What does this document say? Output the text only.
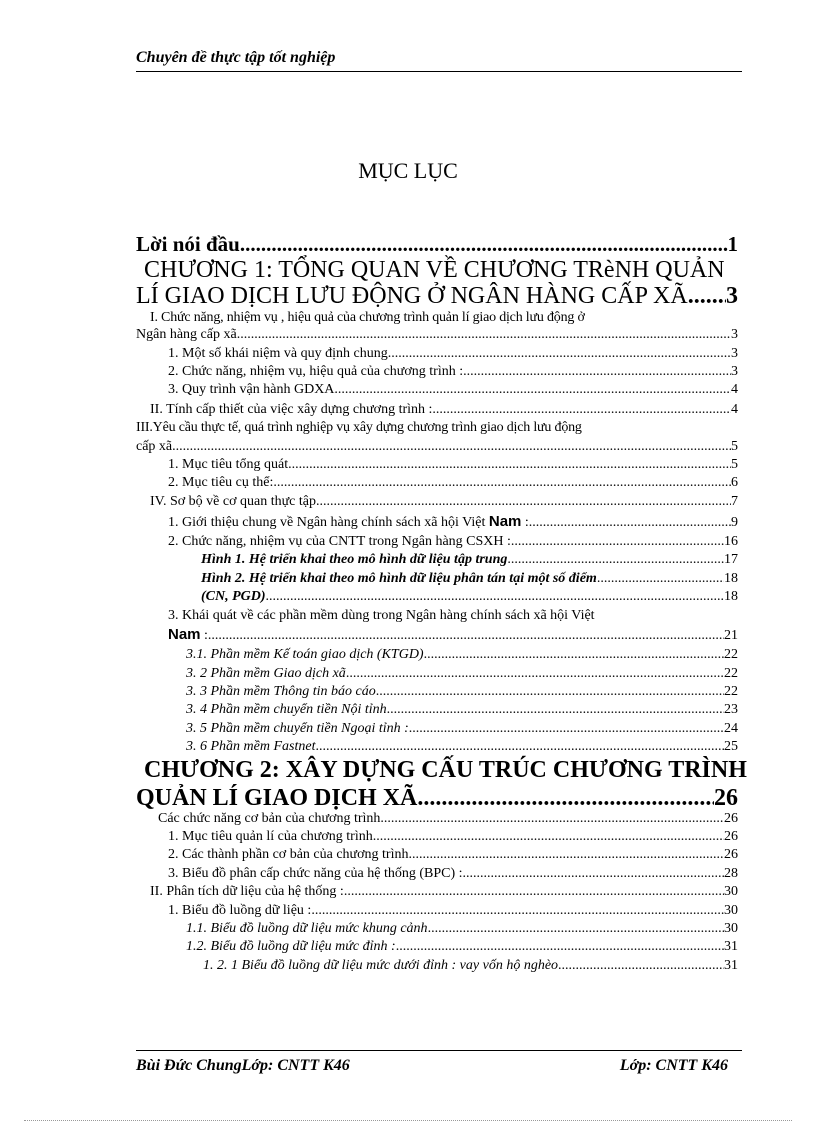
Chuyên đề thực tập tốt nghiệp
MỤC LỤC
Lời nói đầu .....	1
CHƯƠNG 1: TỔNG QUAN VỀ CHƯƠNG TRèNH QUẢN
LÍ GIAO DỊCH LƯU ĐỘNG Ở NGÂN HÀNG CẤP XÃ ..... 3
I. Chức năng, nhiệm vụ , hiệu quả của chương trình quản lí giao dịch lưu động ở
Ngân hàng cấp xã .....	3
1. Một số khái niệm và quy định chung .....	3
2. Chức năng, nhiệm vụ, hiệu quả của chương trình : .....	3
3. Quy trình vận hành GDXA .....	4
II. Tính cấp thiết của việc xây dựng chương trình : .....	4
III.Yêu cầu thực tế, quá trình nghiệp vụ xây dựng chương trình giao dịch lưu động
cấp xã .....	5
1. Mục tiêu tổng quát .....	5
2. Mục tiêu cụ thể: .....	6
IV. Sơ bộ về cơ quan thực tập .....	7
1. Giới thiệu chung về Ngân hàng chính sách xã hội Việt Nam : .....	9
2. Chức năng, nhiệm vụ của CNTT trong Ngân hàng CSXH : .....	16
Hình 1. Hệ triển khai theo mô hình dữ liệu tập trung .....	17
Hình 2. Hệ triển khai theo mô hình dữ liệu phân tán tại một số điểm .....	18
(CN, PGD) .....	18
3. Khái quát về các phần mềm dùng trong Ngân hàng chính sách xã hội Việt
Nam : .....	21
3.1. Phần mềm Kế toán giao dịch (KTGD) .....	22
3. 2 Phần mềm Giao dịch xã .....	22
3. 3 Phần mềm Thông tin báo cáo .....	22
3. 4 Phần mềm chuyển tiền Nội tỉnh .....	23
3. 5 Phần mềm chuyển tiền Ngoại tỉnh : .....	24
3. 6 Phần mềm Fastnet .....	25
CHƯƠNG 2: XÂY DỰNG CẤU TRÚC CHƯƠNG TRÌNH
QUẢN LÍ GIAO DỊCH XÃ .....	26
Các chức năng cơ bản của chương trình .....	26
1. Mục tiêu quản lí của chương trình .....	26
2. Các thành phần cơ bản của chương trình .....	26
3. Biểu đồ phân cấp chức năng của hệ thống (BPC) : .....	28
II. Phân tích dữ liệu của hệ thống : .....	30
1. Biểu đồ luồng dữ liệu : .....	30
1.1. Biểu đồ luồng dữ liệu mức khung cảnh .....	30
1.2. Biểu đồ luồng dữ liệu mức đỉnh : .....	31
1. 2. 1 Biểu đồ luồng dữ liệu mức dưới đỉnh : vay vốn hộ nghèo .....	31
Bùi Đức ChungLớp: CNTT K46	Lớp: CNTT K46
